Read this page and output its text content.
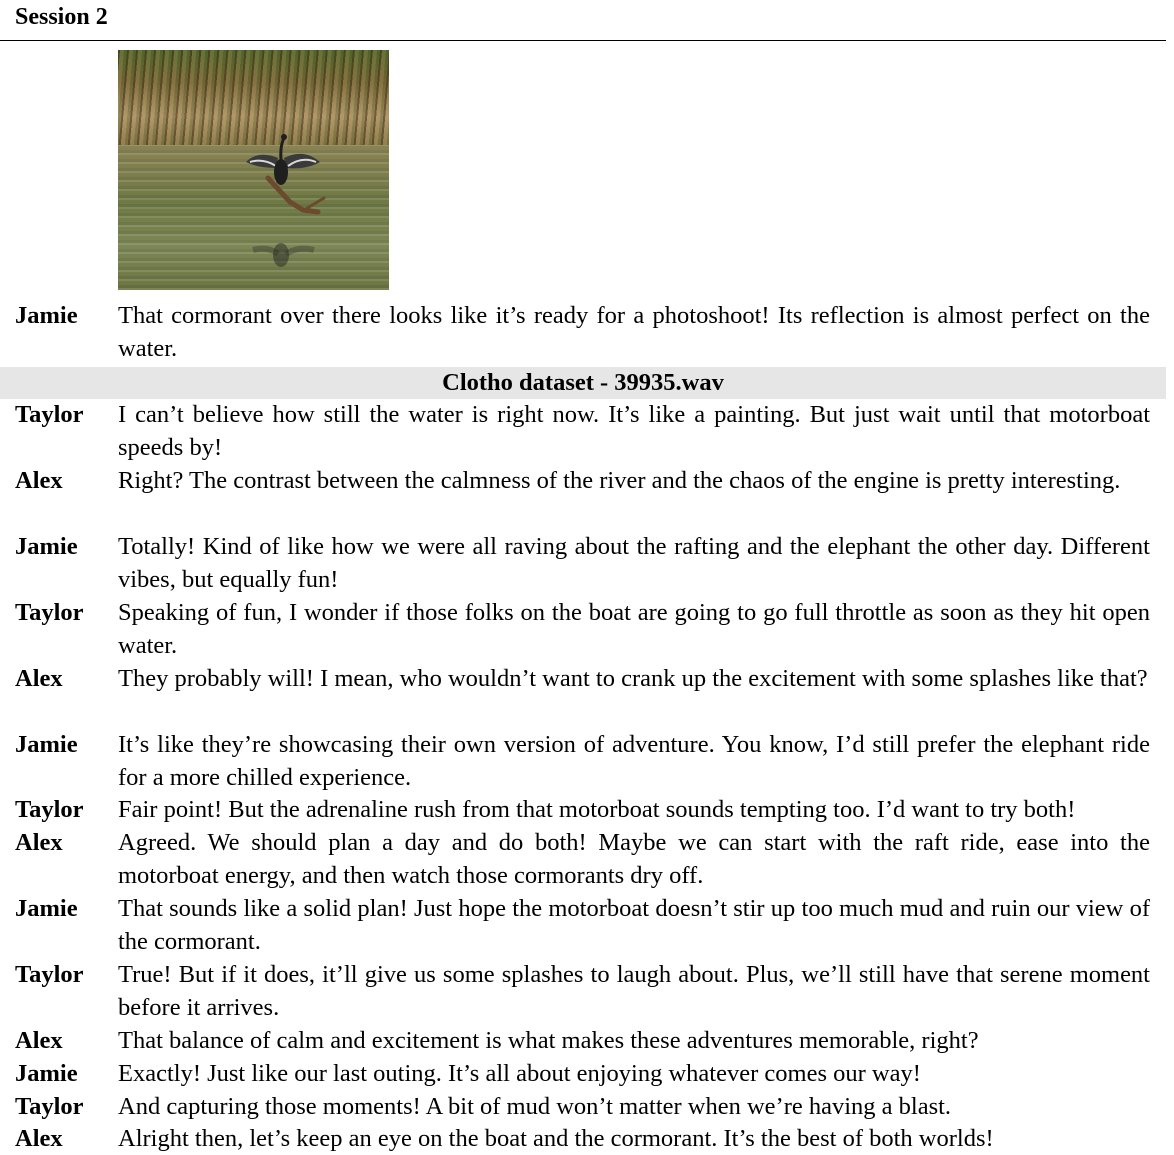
Session 2
Jamie That cormorant over there looks like it’s ready for a photoshoot! Its reflection is almost perfect on the water.
Clotho dataset - 39935.wav
Taylor I can’t believe how still the water is right now. It’s like a painting. But just wait until that motorboat speeds by!
Alex Right? The contrast between the calmness of the river and the chaos of the engine is pretty interesting.
Jamie Totally! Kind of like how we were all raving about the rafting and the elephant the other day. Different vibes, but equally fun!
Taylor Speaking of fun, I wonder if those folks on the boat are going to go full throttle as soon as they hit open water.
Alex They probably will! I mean, who wouldn’t want to crank up the excitement with some splashes like that?
Jamie It’s like they’re showcasing their own version of adventure. You know, I’d still prefer the elephant ride for a more chilled experience.
Taylor Fair point! But the adrenaline rush from that motorboat sounds tempting too. I’d want to try both!
Alex Agreed. We should plan a day and do both! Maybe we can start with the raft ride, ease into the motorboat energy, and then watch those cormorants dry off.
Jamie That sounds like a solid plan! Just hope the motorboat doesn’t stir up too much mud and ruin our view of the cormorant.
Taylor True! But if it does, it’ll give us some splashes to laugh about. Plus, we’ll still have that serene moment before it arrives.
Alex That balance of calm and excitement is what makes these adventures memorable, right?
Jamie Exactly! Just like our last outing. It’s all about enjoying whatever comes our way!
Taylor And capturing those moments! A bit of mud won’t matter when we’re having a blast.
Alex Alright then, let’s keep an eye on the boat and the cormorant. It’s the best of both worlds!
